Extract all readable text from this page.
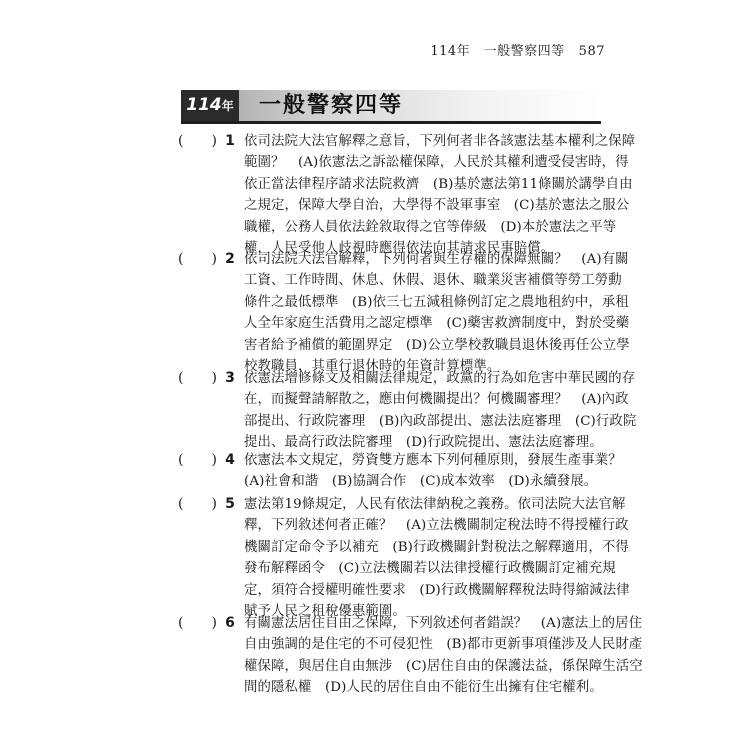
114年　一般警察四等 587
114年 一般警察四等
(　　) 1 依司法院大法官解釋之意旨，下列何者非各該憲法基本權利之保障
範圍？　(A)依憲法之訴訟權保障，人民於其權利遭受侵害時，得
依正當法律程序請求法院救濟　(B)基於憲法第11條關於講學自由
之規定，保障大學自治，大學得不設軍事室　(C)基於憲法之服公
職權，公務人員依法銓敘取得之官等俸級　(D)本於憲法之平等
權，人民受他人歧視時應得依法向其請求民事賠償。
(　　) 2 依司法院大法官解釋，下列何者與生存權的保障無關？　(A)有關
工資、工作時間、休息、休假、退休、職業災害補償等勞工勞動
條件之最低標準　(B)依三七五減租條例訂定之農地租約中，承租
人全年家庭生活費用之認定標準　(C)藥害救濟制度中，對於受藥
害者給予補償的範圍界定　(D)公立學校教職員退休後再任公立學
校教職員，其重行退休時的年資計算標準。
(　　) 3 依憲法增修條文及相關法律規定，政黨的行為如危害中華民國的存
在，而擬聲請解散之，應由何機關提出？何機關審理？　(A)內政
部提出、行政院審理　(B)內政部提出、憲法法庭審理　(C)行政院
提出、最高行政法院審理　(D)行政院提出、憲法法庭審理。
(　　) 4 依憲法本文規定，勞資雙方應本下列何種原則，發展生產事業？
(A)社會和諧　(B)協調合作　(C)成本效率　(D)永續發展。
(　　) 5 憲法第19條規定，人民有依法律納稅之義務。依司法院大法官解
釋，下列敘述何者正確？　(A)立法機關制定稅法時不得授權行政
機關訂定命令予以補充　(B)行政機關針對稅法之解釋適用，不得
發布解釋函令　(C)立法機關若以法律授權行政機關訂定補充規
定，須符合授權明確性要求　(D)行政機關解釋稅法時得縮減法律
賦予人民之租稅優惠範圍。
(　　) 6 有關憲法居住自由之保障，下列敘述何者錯誤？　(A)憲法上的居住
自由強調的是住宅的不可侵犯性　(B)都市更新事項僅涉及人民財產
權保障，與居住自由無涉　(C)居住自由的保護法益，係保障生活空
間的隱私權　(D)人民的居住自由不能衍生出擁有住宅權利。
